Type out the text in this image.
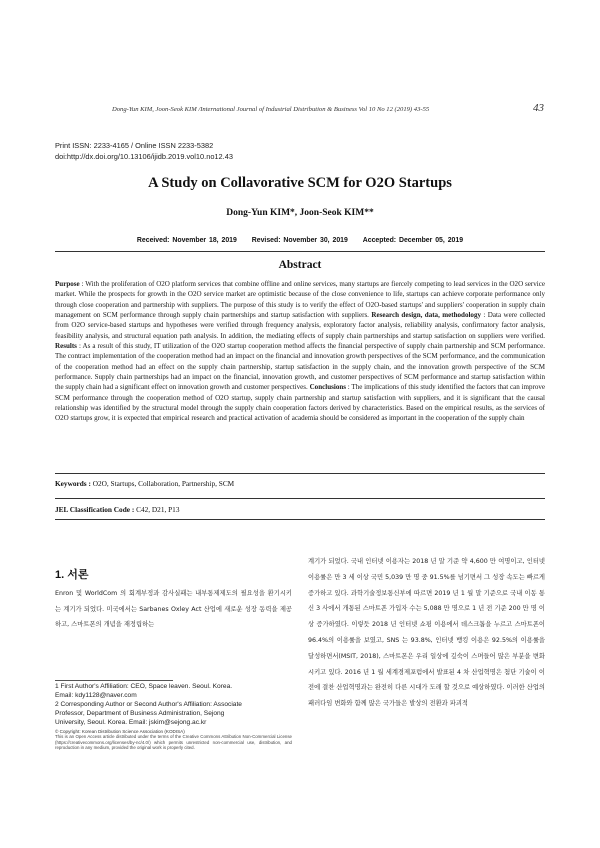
Dong-Yun KIM, Joon-Seok KIM /International Journal of Industrial Distribution & Business Vol 10 No 12 (2019) 43-55	43
Print ISSN: 2233-4165 / Online ISSN 2233-5382
doi:http://dx.doi.org/10.13106/ijidb.2019.vol10.no12.43
A Study on Collavorative SCM for O2O Startups
Dong-Yun KIM*, Joon-Seok KIM**
Received: November 18, 2019 Revised: November 30, 2019 Accepted: December 05, 2019
Abstract
Purpose : With the proliferation of O2O platform services that combine offline and online services, many startups are fiercely competing to lead services in the O2O service market. While the prospects for growth in the O2O service market are optimistic because of the close convenience to life, startups can achieve corporate performance only through close cooperation and partnership with suppliers. The purpose of this study is to verify the effect of O2O-based startups' and suppliers' cooperation in supply chain management on SCM performance through supply chain partnerships and startup satisfaction with suppliers. Research design, data, methodology : Data were collected from O2O service-based startups and hypotheses were verified through frequency analysis, exploratory factor analysis, reliability analysis, confirmatory factor analysis, feasibility analysis, and structural equation path analysis. In addition, the mediating effects of supply chain partnerships and startup satisfaction on suppliers were verified. Results : As a result of this study, IT utilization of the O2O startup cooperation method affects the financial perspective of supply chain partnership and SCM performance. The contract implementation of the cooperation method had an impact on the financial and innovation growth perspectives of the SCM performance, and the communication of the cooperation method had an effect on the supply chain partnership, startup satisfaction in the supply chain, and the innovation growth perspective of the SCM performance. Supply chain partnerships had an impact on the financial, innovation growth, and customer perspectives of SCM performance and startup satisfaction within the supply chain had a significant effect on innovation growth and customer perspectives. Conclusions : The implications of this study identified the factors that can improve SCM performance through the cooperation method of O2O startup, supply chain partnership and startup satisfaction with suppliers, and it is significant that the causal relationship was identified by the structural model through the supply chain cooperation factors derived by characteristics. Based on the empirical results, as the services of O2O startups grow, it is expected that empirical research and practical activation of academia should be considered as important in the cooperation of the supply chain
Keywords : O2O, Startups, Collaboration, Partnership, SCM
JEL Classification Code : C42, D21, P13
1. 서론
Enron 및 WorldCom 의 회계부정과 감사실패는 내부통제제도의 필요성을 환기시키는 계기가 되었다. 미국에서는 Sarbanes Oxley Act 산업에 새로운 성장 동력을 제공하고, 스마트폰의 개념을 재정립하는
계기가 되었다. 국내 인터넷 이용자는 2018 년 말 기준 약 4,600 만 여명이고, 인터넷 이용률은 만 3 세 이상 국민 5,039 만 명 중 91.5%를 넘기면서 그 성장 속도는 빠르게 증가하고 있다. 과학기술정보통신부에 따르면 2019 년 1 월 말 기준으로 국내 이동 통신 3 사에서 개통된 스마트폰 가입자 수는 5,088 만 명으로 1 년 전 기준 200 만 명 이상 증가하였다. 이렇듯 2018 년 인터넷 쇼핑 이용에서 데스크톱을 누르고 스마트폰이 96.4%의 이용률을 보였고, SNS 는 93.8%, 인터넷 뱅킹 이용은 92.5%의 이용률을 달성하면서(MSIT, 2018), 스마트폰은 우리 일상에 깊숙이 스며들어 많은 부분을 변화시키고 있다. 2016 년 1 월 세계경제포럼에서 발표된 4 차 산업혁명은 첨단 기술이 이전에 결찬 산업혁명과는 완전히 다른 시대가 도래 할 것으로 예상하였다. 이러한 산업의 패러다임 변화와 함께 많은 국가들은 발상의 전환과 파괴적
1 First Author's Affiliation: CEO, Space leaven. Seoul. Korea.
Email: kdy1128@naver.com
2 Corresponding Author or Second Author's Affiliation: Associate
Professor, Department of Business Administration, Sejong
University, Seoul. Korea. Email: jskim@sejong.ac.kr
© Copyright: Korean Distribution Science Association (KODISA)
This is an Open Access article distributed under the terms of the Creative Commons Attribution Non-Commercial License (https://creativecommons.org/licenses/by-nc/4.0/) which permits unrestricted non-commercial use, distribution, and reproduction in any medium, provided the original work is properly cited.
